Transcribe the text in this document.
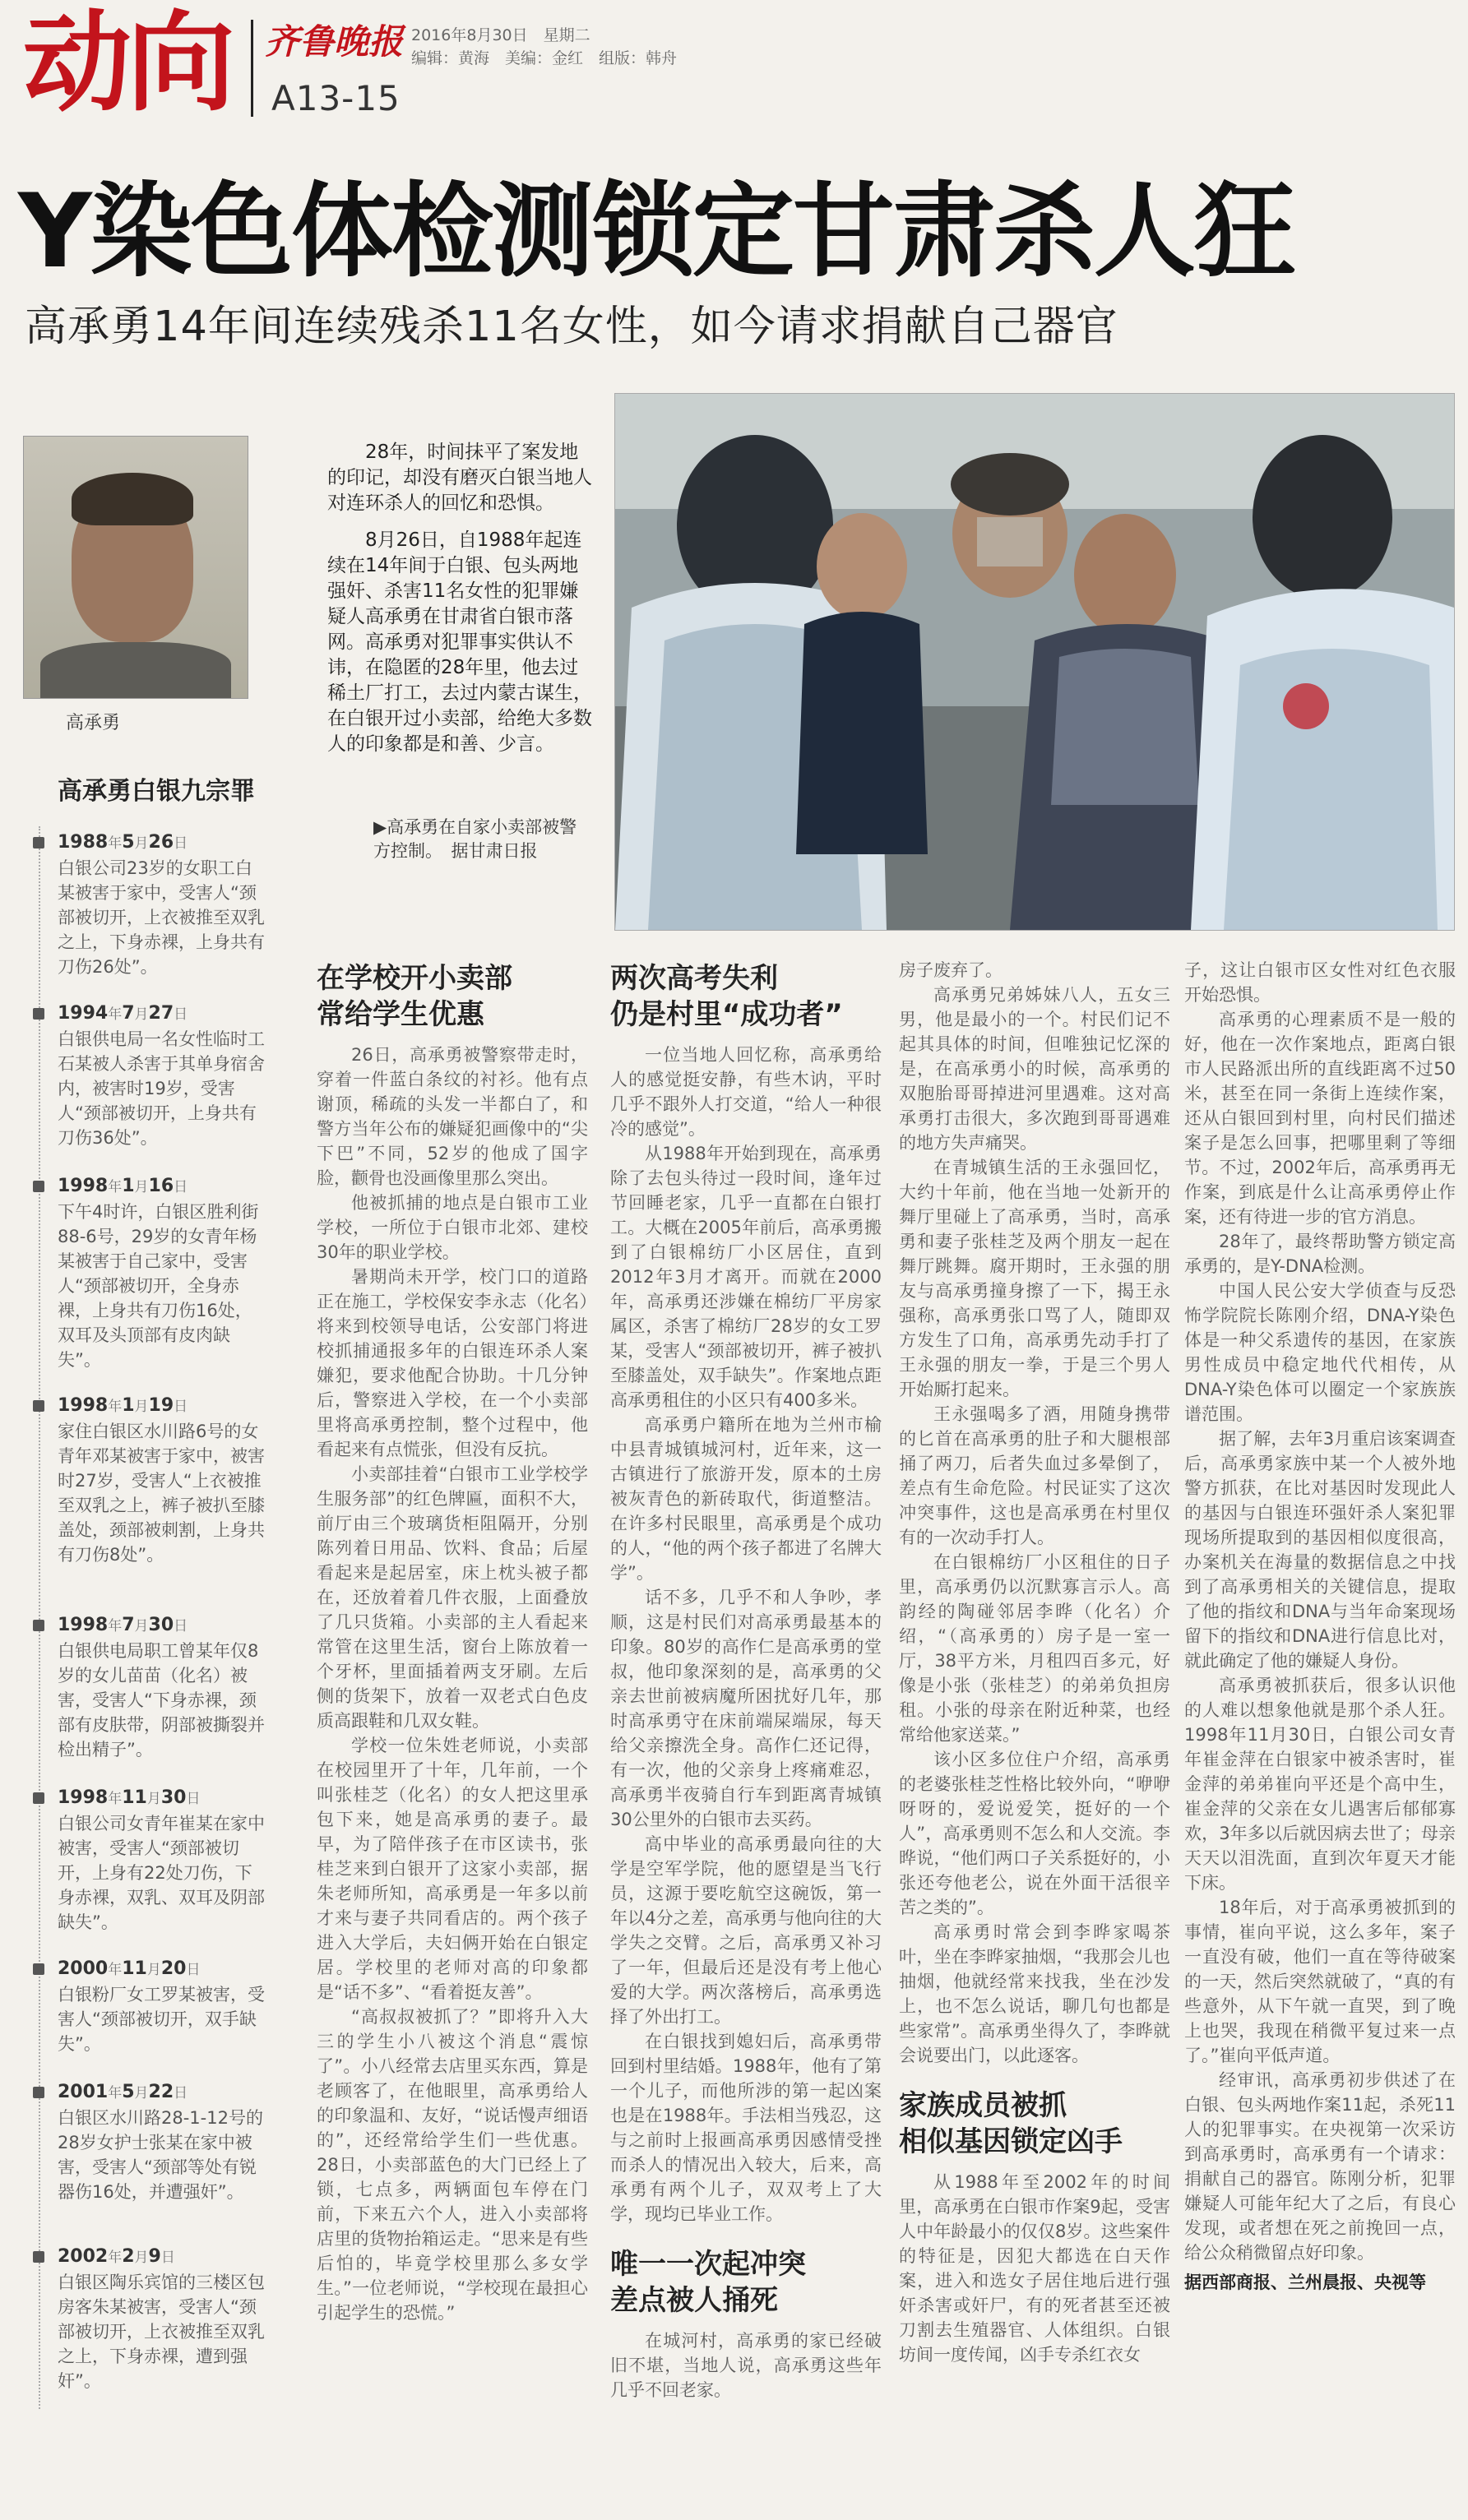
动向 齐鲁晚报 2016年8月30日　星期二
编辑：黄海　美编：金红　组版：韩舟
A13-15
Y染色体检测锁定甘肃杀人狂
高承勇14年间连续残杀11名女性，如今请求捐献自己器官
高承勇
高承勇白银九宗罪
1988年5月26日
白银公司23岁的女职工白某被害于家中，受害人“颈部被切开，上衣被推至双乳之上，下身赤裸，上身共有刀伤26处”。
1994年7月27日
白银供电局一名女性临时工石某被人杀害于其单身宿舍内，被害时19岁，受害人“颈部被切开，上身共有刀伤36处”。
1998年1月16日
下午4时许，白银区胜利街88-6号，29岁的女青年杨某被害于自己家中，受害人“颈部被切开，全身赤裸，上身共有刀伤16处，双耳及头顶部有皮肉缺失”。
1998年1月19日
家住白银区水川路6号的女青年邓某被害于家中，被害时27岁，受害人“上衣被推至双乳之上，裤子被扒至膝盖处，颈部被刺割，上身共有刀伤8处”。
1998年7月30日
白银供电局职工曾某年仅8岁的女儿苗苗（化名）被害，受害人“下身赤裸，颈部有皮肤带，阴部被撕裂并检出精子”。
1998年11月30日
白银公司女青年崔某在家中被害，受害人“颈部被切开，上身有22处刀伤，下身赤裸，双乳、双耳及阴部缺失”。
2000年11月20日
白银粉厂女工罗某被害，受害人“颈部被切开，双手缺失”。
2001年5月22日
白银区水川路28-1-12号的28岁女护士张某在家中被害，受害人“颈部等处有锐器伤16处，并遭强奸”。
2002年2月9日
白银区陶乐宾馆的三楼区包房客朱某被害，受害人“颈部被切开，上衣被推至双乳之上，下身赤裸，遭到强奸”。

28年，时间抹平了案发地的印记，却没有磨灭白银当地人对连环杀人的回忆和恐惧。

8月26日，自1988年起连续在14年间于白银、包头两地强奸、杀害11名女性的犯罪嫌疑人高承勇在甘肃省白银市落网。高承勇对犯罪事实供认不讳，在隐匿的28年里，他去过稀土厂打工，去过内蒙古谋生，在白银开过小卖部，给绝大多数人的印象都是和善、少言。

▶高承勇在自家小卖部被警方控制。　据甘肃日报
在学校开小卖部
常给学生优惠

26日，高承勇被警察带走时，穿着一件蓝白条纹的衬衫。他有点谢顶，稀疏的头发一半都白了，和警方当年公布的嫌疑犯画像中的“尖下巴”不同，52岁的他成了国字脸，颧骨也没画像里那么突出。

他被抓捕的地点是白银市工业学校，一所位于白银市北郊、建校30年的职业学校。

暑期尚未开学，校门口的道路正在施工，学校保安李永志（化名）将来到校领导电话，公安部门将进校抓捕通报多年的白银连环杀人案嫌犯，要求他配合协助。十几分钟后，警察进入学校，在一个小卖部里将高承勇控制，整个过程中，他看起来有点慌张，但没有反抗。

小卖部挂着“白银市工业学校学生服务部”的红色牌匾，面积不大，前厅由三个玻璃货柜阻隔开，分别陈列着日用品、饮料、食品；后屋看起来是起居室，床上枕头被子都在，还放着着几件衣服，上面叠放了几只货箱。小卖部的主人看起来常管在这里生活，窗台上陈放着一个牙杯，里面插着两支牙刷。左后侧的货架下，放着一双老式白色皮质高跟鞋和几双女鞋。

学校一位朱姓老师说，小卖部在校园里开了十年，几年前，一个叫张桂芝（化名）的女人把这里承包下来，她是高承勇的妻子。最早，为了陪伴孩子在市区读书，张桂芝来到白银开了这家小卖部，据朱老师所知，高承勇是一年多以前才来与妻子共同看店的。两个孩子进入大学后，夫妇俩开始在白银定居。学校里的老师对高的印象都是“话不多”、“看着挺友善”。

“高叔叔被抓了？”即将升入大三的学生小八被这个消息“震惊了”。小八经常去店里买东西，算是老顾客了，在他眼里，高承勇给人的印象温和、友好，“说话慢声细语的”，还经常给学生们一些优惠。28日，小卖部蓝色的大门已经上了锁，七点多，两辆面包车停在门前，下来五六个人，进入小卖部将店里的货物抬箱运走。“思来是有些后怕的，毕竟学校里那么多女学生。”一位老师说，“学校现在最担心引起学生的恐慌。”

两次高考失利
仍是村里“成功者”

一位当地人回忆称，高承勇给人的感觉挺安静，有些木讷，平时几乎不跟外人打交道，“给人一种很冷的感觉”。

从1988年开始到现在，高承勇除了去包头待过一段时间，逢年过节回睡老家，几乎一直都在白银打工。大概在2005年前后，高承勇搬到了白银棉纺厂小区居住，直到2012年3月才离开。而就在2000年，高承勇还涉嫌在棉纺厂平房家属区，杀害了棉纺厂28岁的女工罗某，受害人“颈部被切开，裤子被扒至膝盖处，双手缺失”。作案地点距高承勇租住的小区只有400多米。

高承勇户籍所在地为兰州市榆中县青城镇城河村，近年来，这一古镇进行了旅游开发，原本的土房被灰青色的新砖取代，街道整洁。在许多村民眼里，高承勇是个成功的人，“他的两个孩子都进了名牌大学”。

话不多，几乎不和人争吵，孝顺，这是村民们对高承勇最基本的印象。80岁的高作仁是高承勇的堂叔，他印象深刻的是，高承勇的父亲去世前被病魔所困扰好几年，那时高承勇守在床前端屎端尿，每天给父亲擦洗全身。高作仁还记得，有一次，他的父亲身上疼痛难忍，高承勇半夜骑自行车到距离青城镇30公里外的白银市去买药。

高中毕业的高承勇最向往的大学是空军学院，他的愿望是当飞行员，这源于要吃航空这碗饭，第一年以4分之差，高承勇与他向往的大学失之交臂。之后，高承勇又补习了一年，但最后还是没有考上他心爱的大学。两次落榜后，高承勇选择了外出打工。

在白银找到媳妇后，高承勇带回到村里结婚。1988年，他有了第一个儿子，而他所涉的第一起凶案也是在1988年。手法相当残忍，这与之前时上报画高承勇因感情受挫而杀人的情况出入较大，后来，高承勇有两个儿子，双双考上了大学，现均已毕业工作。

唯一一次起冲突
差点被人捅死

在城河村，高承勇的家已经破旧不堪，当地人说，高承勇这些年几乎不回老家。

房子废弃了。

高承勇兄弟姊妹八人，五女三男，他是最小的一个。村民们记不起其具体的时间，但唯独记忆深的是，在高承勇小的时候，高承勇的双胞胎哥哥掉进河里遇难。这对高承勇打击很大，多次跑到哥哥遇难的地方失声痛哭。

在青城镇生活的王永强回忆，大约十年前，他在当地一处新开的舞厅里碰上了高承勇，当时，高承勇和妻子张桂芝及两个朋友一起在舞厅跳舞。腐开期时，王永强的朋友与高承勇撞身擦了一下，揭王永强称，高承勇张口骂了人，随即双方发生了口角，高承勇先动手打了王永强的朋友一拳，于是三个男人开始厮打起来。

王永强喝多了酒，用随身携带的匕首在高承勇的肚子和大腿根部捅了两刀，后者失血过多晕倒了，差点有生命危险。村民证实了这次冲突事件，这也是高承勇在村里仅有的一次动手打人。

在白银棉纺厂小区租住的日子里，高承勇仍以沉默寡言示人。高韵经的陶碰邻居李晔（化名）介绍，“（高承勇的）房子是一室一厅，38平方米，月租四百多元，好像是小张（张桂芝）的弟弟负担房租。小张的母亲在附近种菜，也经常给他家送菜。”

该小区多位住户介绍，高承勇的老婆张桂芝性格比较外向，“咿咿呀呀的，爱说爱笑，挺好的一个人”，高承勇则不怎么和人交流。李晔说，“他们两口子关系挺好的，小张还夸他老公，说在外面干活很辛苦之类的”。

高承勇时常会到李晔家喝茶叶，坐在李晔家抽烟，“我那会儿也抽烟，他就经常来找我，坐在沙发上，也不怎么说话，聊几句也都是些家常”。高承勇坐得久了，李晔就会说要出门，以此逐客。

家族成员被抓
相似基因锁定凶手

从1988年至2002年的时间里，高承勇在白银市作案9起，受害人中年龄最小的仅仅8岁。这些案件的特征是，因犯大都选在白天作案，进入和选女子居住地后进行强奸杀害或奸尸，有的死者甚至还被刀割去生殖器官、人体组织。白银坊间一度传闻，凶手专杀红衣女

子，这让白银市区女性对红色衣服开始恐惧。

高承勇的心理素质不是一般的好，他在一次作案地点，距离白银市人民路派出所的直线距离不过50米，甚至在同一条街上连续作案，还从白银回到村里，向村民们描述案子是怎么回事，把哪里剩了等细节。不过，2002年后，高承勇再无作案，到底是什么让高承勇停止作案，还有待进一步的官方消息。

28年了，最终帮助警方锁定高承勇的，是Y-DNA检测。

中国人民公安大学侦查与反恐怖学院院长陈刚介绍，DNA-Y染色体是一种父系遗传的基因，在家族男性成员中稳定地代代相传，从DNA-Y染色体可以圈定一个家族族谱范围。

据了解，去年3月重启该案调查后，高承勇家族中某一个人被外地警方抓获，在比对基因时发现此人的基因与白银连环强奸杀人案犯罪现场所提取到的基因相似度很高，办案机关在海量的数据信息之中找到了高承勇相关的关键信息，提取了他的指纹和DNA与当年命案现场留下的指纹和DNA进行信息比对，就此确定了他的嫌疑人身份。

高承勇被抓获后，很多认识他的人难以想象他就是那个杀人狂。1998年11月30日，白银公司女青年崔金萍在白银家中被杀害时，崔金萍的弟弟崔向平还是个高中生，崔金萍的父亲在女儿遇害后郁郁寡欢，3年多以后就因病去世了；母亲天天以泪洗面，直到次年夏天才能下床。

18年后，对于高承勇被抓到的事情，崔向平说，这么多年，案子一直没有破，他们一直在等待破案的一天，然后突然就破了，“真的有些意外，从下午就一直哭，到了晚上也哭，我现在稍微平复过来一点了。”崔向平低声道。

经审讯，高承勇初步供述了在白银、包头两地作案11起，杀死11人的犯罪事实。在央视第一次采访到高承勇时，高承勇有一个请求：捐献自己的器官。陈刚分析，犯罪嫌疑人可能年纪大了之后，有良心发现，或者想在死之前挽回一点，给公众稍微留点好印象。

据西部商报、兰州晨报、央视等
